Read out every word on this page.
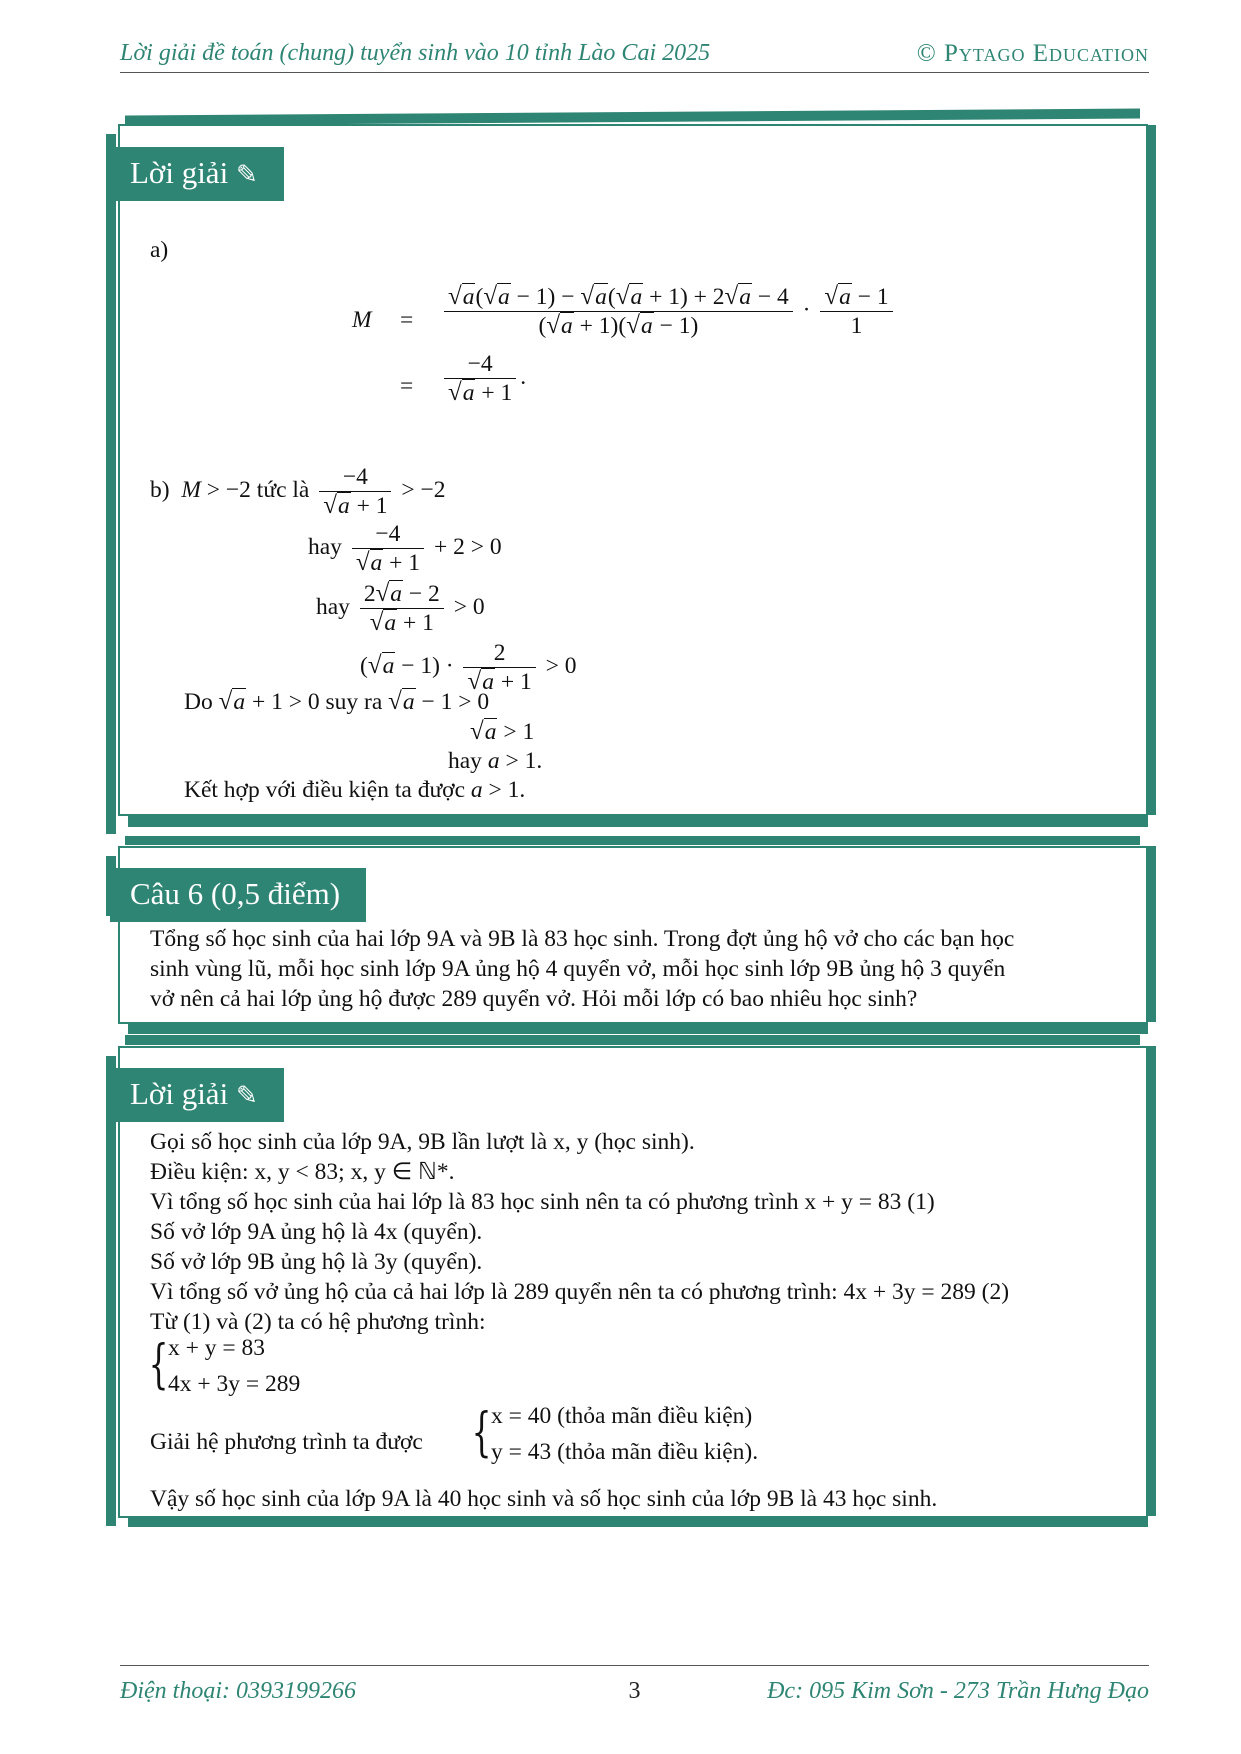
Lời giải đề toán (chung) tuyển sinh vào 10 tỉnh Lào Cai 2025	© Pytago Education
Lời giải ✎
a)
$M = \frac{√a(√a - 1) - √a(√a + 1) + 2√a - 4}{(√a + 1)(√a - 1)} \cdot \frac{√a - 1}{1}$
= $\frac{-4}{√a + 1}$ .
b) M > −2 tức là $\frac{-4}{√a + 1} > -2$
hay $\frac{-4}{√a + 1} + 2 > 0$
hay $\frac{2√a - 2}{√a + 1} > 0$
$(√a - 1) \cdot \frac{2}{√a + 1} > 0$
Do √a + 1 > 0 suy ra √a − 1 > 0
√a > 1
hay a > 1.
Kết hợp với điều kiện ta được a > 1.
Câu 6 (0,5 điểm)
Tổng số học sinh của hai lớp 9A và 9B là 83 học sinh. Trong đợt ủng hộ vở cho các bạn học
sinh vùng lũ, mỗi học sinh lớp 9A ủng hộ 4 quyển vở, mỗi học sinh lớp 9B ủng hộ 3 quyển
vở nên cả hai lớp ủng hộ được 289 quyển vở. Hỏi mỗi lớp có bao nhiêu học sinh?
Lời giải ✎
Gọi số học sinh của lớp 9A, 9B lần lượt là x, y (học sinh).
Điều kiện: x, y < 83; x, y ∈ ℕ*.
Vì tổng số học sinh của hai lớp là 83 học sinh nên ta có phương trình x + y = 83 (1)
Số vở lớp 9A ủng hộ là 4x (quyển).
Số vở lớp 9B ủng hộ là 3y (quyển).
Vì tổng số vở ủng hộ của cả hai lớp là 289 quyển nên ta có phương trình: 4x + 3y = 289 (2)
Từ (1) và (2) ta có hệ phương trình:
{ x + y = 83
4x + 3y = 289
Giải hệ phương trình ta được { x = 40 (thỏa mãn điều kiện)
y = 43 (thỏa mãn điều kiện).
Vậy số học sinh của lớp 9A là 40 học sinh và số học sinh của lớp 9B là 43 học sinh.
Điện thoại: 0393199266	3	Đc: 095 Kim Sơn - 273 Trần Hưng Đạo
